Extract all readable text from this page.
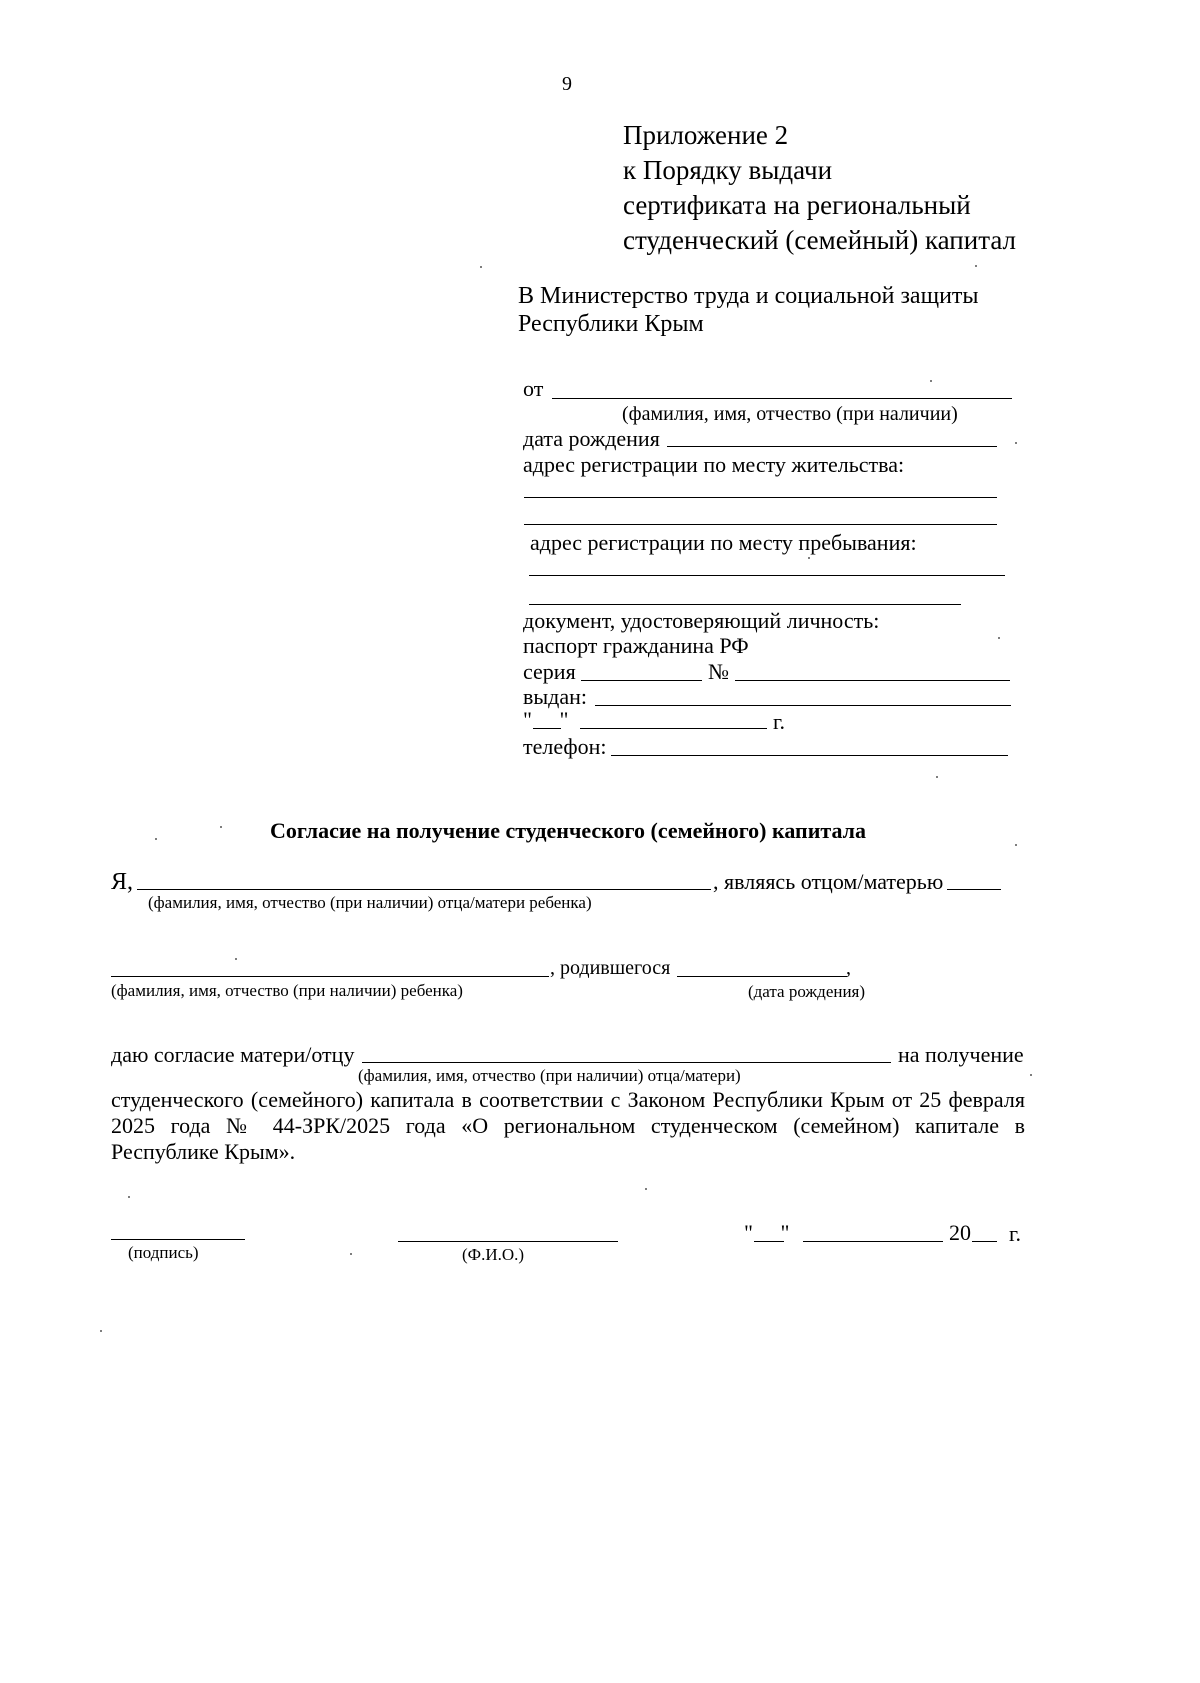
9
Приложение 2
к Порядку выдачи
сертификата на региональный
студенческий (семейный) капитал
В Министерство труда и социальной защиты
Республики Крым
от
(фамилия, имя, отчество (при наличии)
дата рождения
адрес регистрации по месту жительства:
адрес регистрации по месту пребывания:
документ, удостоверяющий личность:
паспорт гражданина РФ
серия	№
выдан:
"     "	г.
телефон:
Согласие на получение студенческого (семейного) капитала
Я,	, являясь отцом/матерью
(фамилия, имя, отчество (при наличии) отца/матери ребенка)
, родившегося	,
(фамилия, имя, отчество (при наличии) ребенка)	(дата рождения)
даю согласие матери/отцу	на получение
(фамилия, имя, отчество (при наличии) отца/матери)
студенческого (семейного) капитала в соответствии с Законом Республики Крым от 25 февраля 2025 года № 44-ЗРК/2025 года «О региональном студенческом (семейном) капитале в Республике Крым».
(подпись)	(Ф.И.О.)
"     "	20 г.
